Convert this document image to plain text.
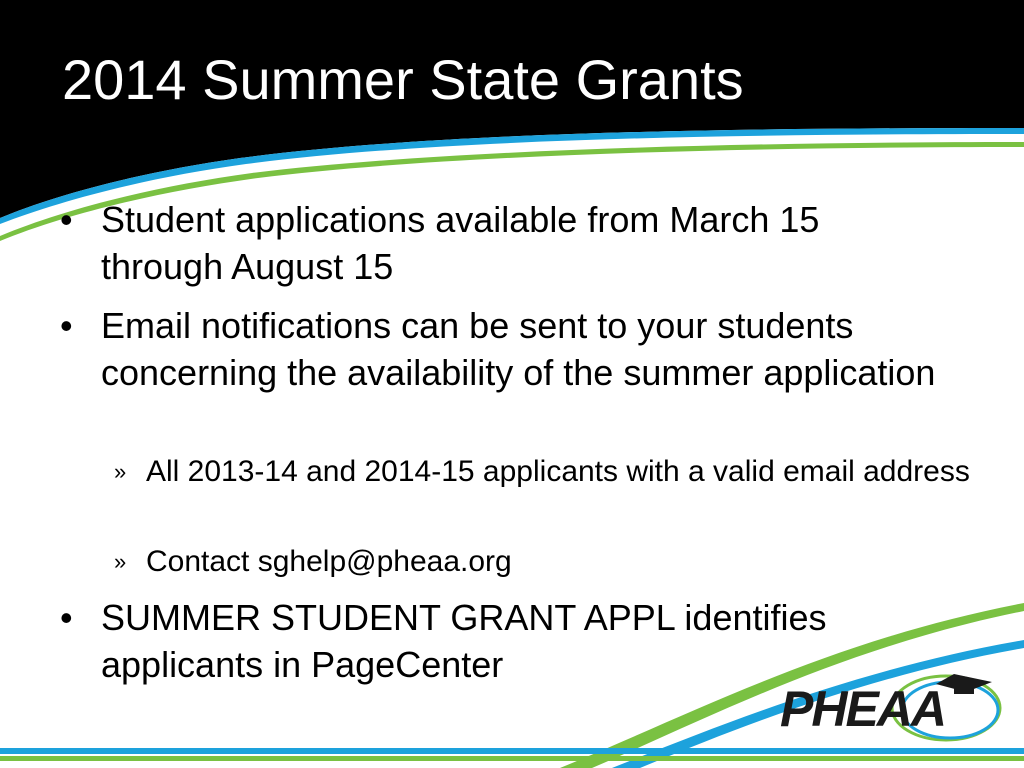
2014 Summer State Grants
• Student applications available from March 15 through August 15
• Email notifications can be sent to your students concerning the availability of the summer application
» All 2013-14 and 2014-15 applicants with a valid email address
» Contact sghelp@pheaa.org
• SUMMER STUDENT GRANT APPL identifies applicants in PageCenter
PHEAA
